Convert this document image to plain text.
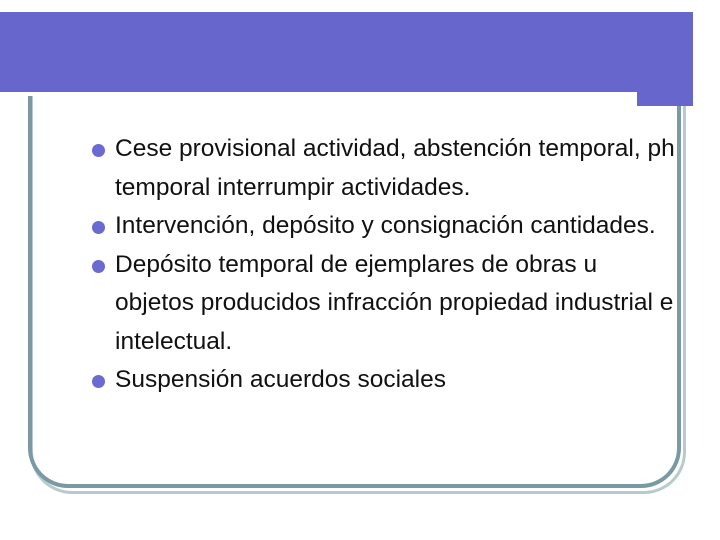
Cese provisional actividad, abstención temporal, ph temporal interrumpir actividades.
Intervención, depósito y consignación cantidades.
Depósito temporal de ejemplares de obras u objetos producidos infracción propiedad industrial e intelectual.
Suspensión acuerdos sociales
